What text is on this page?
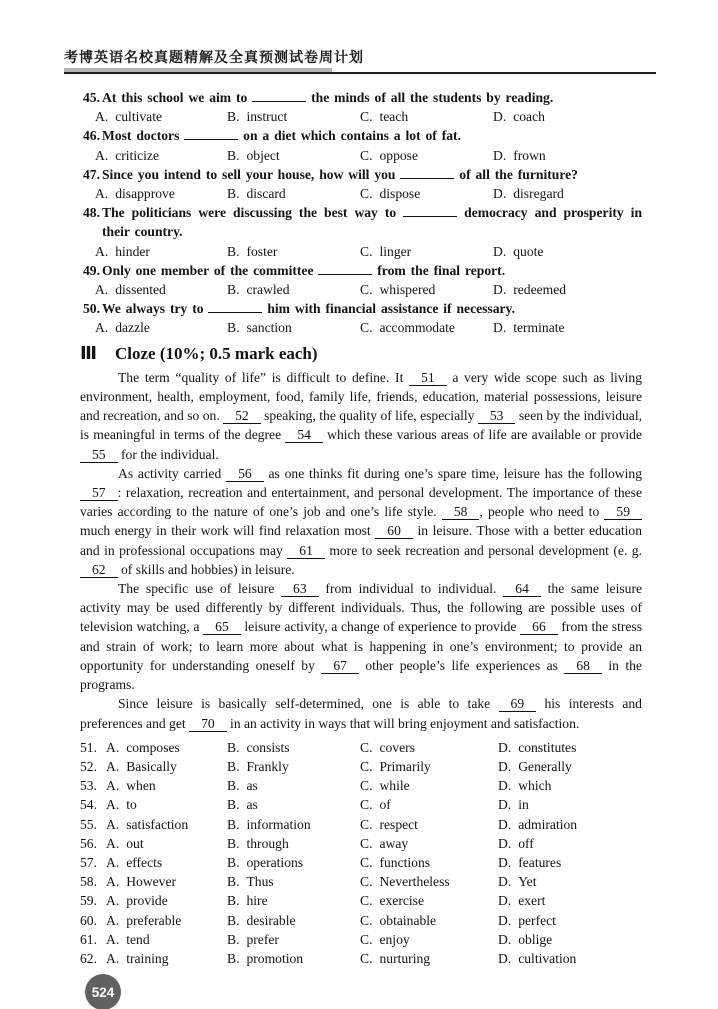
考博英语名校真题精解及全真预测试卷周计划
45. At this school we aim to	the minds of all the students by reading.
A. cultivate	B. instruct	C. teach	D. coach
46. Most doctors	on a diet which contains a lot of fat.
A. criticize	B. object	C. oppose	D. frown
47. Since you intend to sell your house, how will you	of all the furniture?
A. disapprove	B. discard	C. dispose	D. disregard
48. The politicians were discussing the best way to	democracy and prosperity in their country.
A. hinder	B. foster	C. linger	D. quote
49. Only one member of the committee	from the final report.
A. dissented	B. crawled	C. whispered	D. redeemed
50. We always try to	him with financial assistance if necessary.
A. dazzle	B. sanction	C. accommodate	D. terminate
Ⅲ	Cloze (10%; 0.5 mark each)

The term “quality of life” is difficult to define. It 51 a very wide scope such as living environment, health, employment, food, family life, friends, education, material possessions, leisure and recreation, and so on. 52 speaking, the quality of life, especially 53 seen by the individual, is meaningful in terms of the degree 54 which these various areas of life are available or provide 55 for the individual.

As activity carried 56 as one thinks fit during one’s spare time, leisure has the following 57 : relaxation, recreation and entertainment, and personal development. The importance of these varies according to the nature of one’s job and one’s life style. 58 , people who need to 59 much energy in their work will find relaxation most 60 in leisure. Those with a better education and in professional occupations may 61 more to seek recreation and personal development (e. g. 62 of skills and hobbies) in leisure.

The specific use of leisure 63 from individual to individual. 64 the same leisure activity may be used differently by different individuals. Thus, the following are possible uses of television watching, a 65 leisure activity, a change of experience to provide 66 from the stress and strain of work; to learn more about what is happening in one’s environment; to provide an opportunity for understanding oneself by 67 other people’s life experiences as 68 in the programs.

Since leisure is basically self-determined, one is able to take 69 his interests and preferences and get 70 in an activity in ways that will bring enjoyment and satisfaction.

51. A. composes	B. consists	C. covers	D. constitutes
52. A. Basically	B. Frankly	C. Primarily	D. Generally
53. A. when	B. as	C. while	D. which
54. A. to	B. as	C. of	D. in
55. A. satisfaction	B. information	C. respect	D. admiration
56. A. out	B. through	C. away	D. off
57. A. effects	B. operations	C. functions	D. features
58. A. However	B. Thus	C. Nevertheless	D. Yet
59. A. provide	B. hire	C. exercise	D. exert
60. A. preferable	B. desirable	C. obtainable	D. perfect
61. A. tend	B. prefer	C. enjoy	D. oblige
62. A. training	B. promotion	C. nurturing	D. cultivation
524
